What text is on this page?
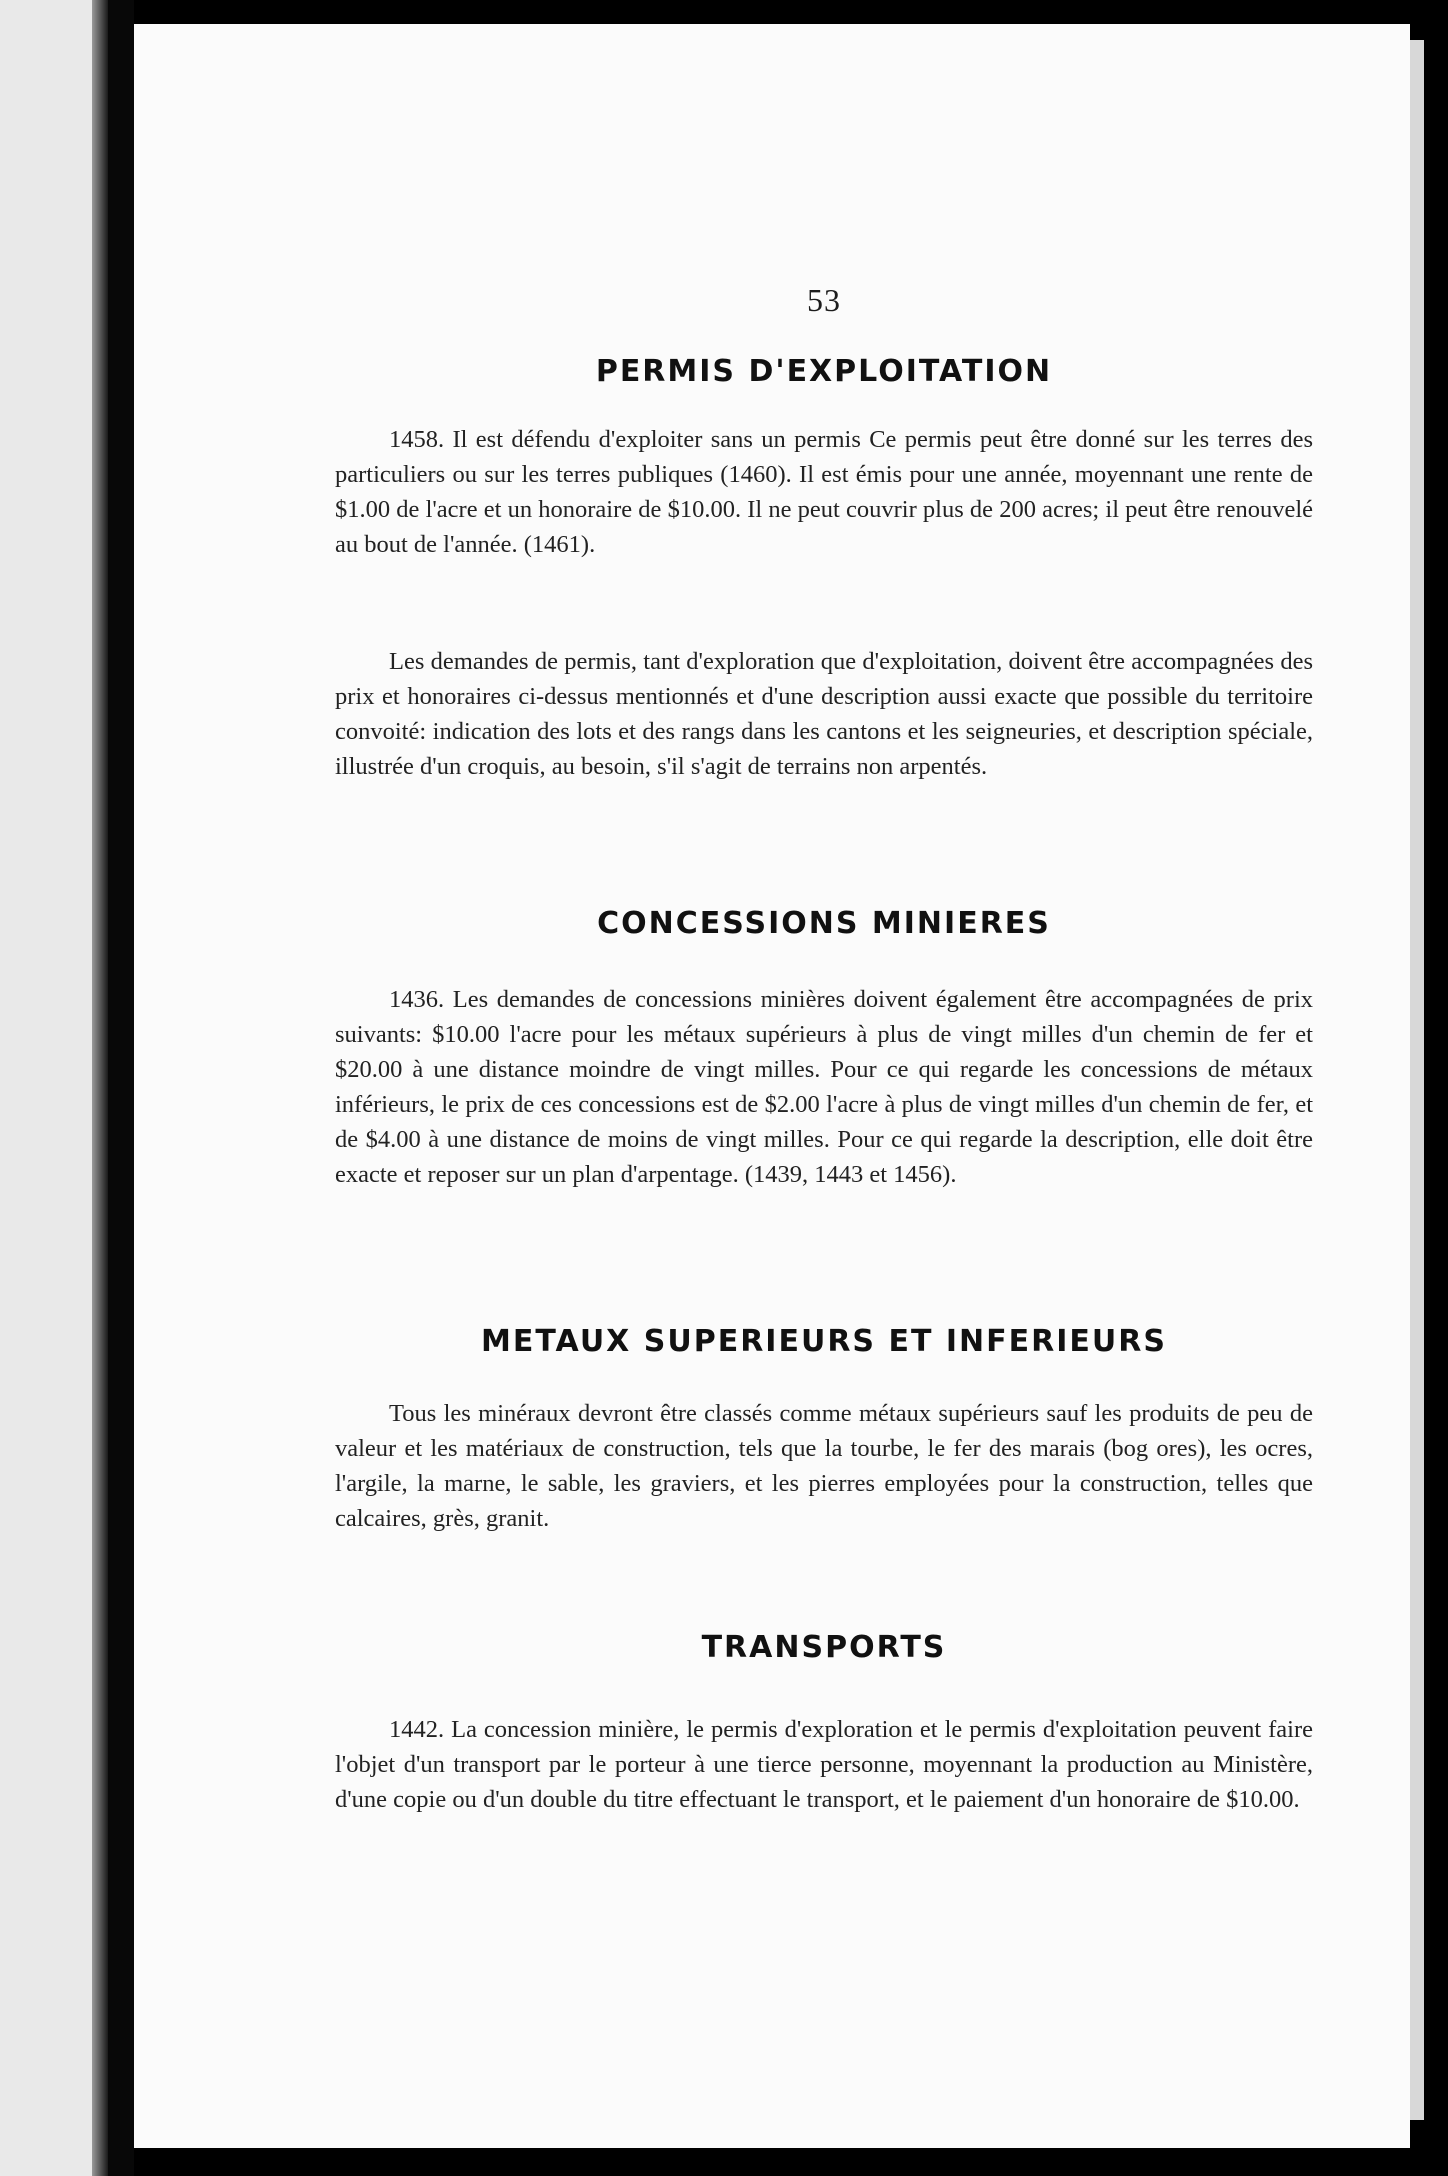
53
PERMIS D'EXPLOITATION
1458. Il est défendu d'exploiter sans un permis Ce permis peut être donné sur les terres des particuliers ou sur les terres publiques (1460). Il est émis pour une année, moyennant une rente de $1.00 de l'acre et un honoraire de $10.00. Il ne peut couvrir plus de 200 acres; il peut être renouvelé au bout de l'année. (1461).
Les demandes de permis, tant d'exploration que d'exploitation, doivent être accompagnées des prix et honoraires ci-dessus mentionnés et d'une description aussi exacte que possible du territoire convoité: indication des lots et des rangs dans les cantons et les seigneuries, et description spéciale, illustrée d'un croquis, au besoin, s'il s'agit de terrains non arpentés.
CONCESSIONS MINIERES
1436. Les demandes de concessions minières doivent également être accompagnées de prix suivants: $10.00 l'acre pour les métaux supérieurs à plus de vingt milles d'un chemin de fer et $20.00 à une distance moindre de vingt milles. Pour ce qui regarde les concessions de métaux inférieurs, le prix de ces concessions est de $2.00 l'acre à plus de vingt milles d'un chemin de fer, et de $4.00 à une distance de moins de vingt milles. Pour ce qui regarde la description, elle doit être exacte et reposer sur un plan d'arpentage. (1439, 1443 et 1456).
METAUX SUPERIEURS ET INFERIEURS
Tous les minéraux devront être classés comme métaux supérieurs sauf les produits de peu de valeur et les matériaux de construction, tels que la tourbe, le fer des marais (bog ores), les ocres, l'argile, la marne, le sable, les graviers, et les pierres employées pour la construction, telles que calcaires, grès, granit.
TRANSPORTS
1442. La concession minière, le permis d'exploration et le permis d'exploitation peuvent faire l'objet d'un transport par le porteur à une tierce personne, moyennant la production au Ministère, d'une copie ou d'un double du titre effectuant le transport, et le paiement d'un honoraire de $10.00.
